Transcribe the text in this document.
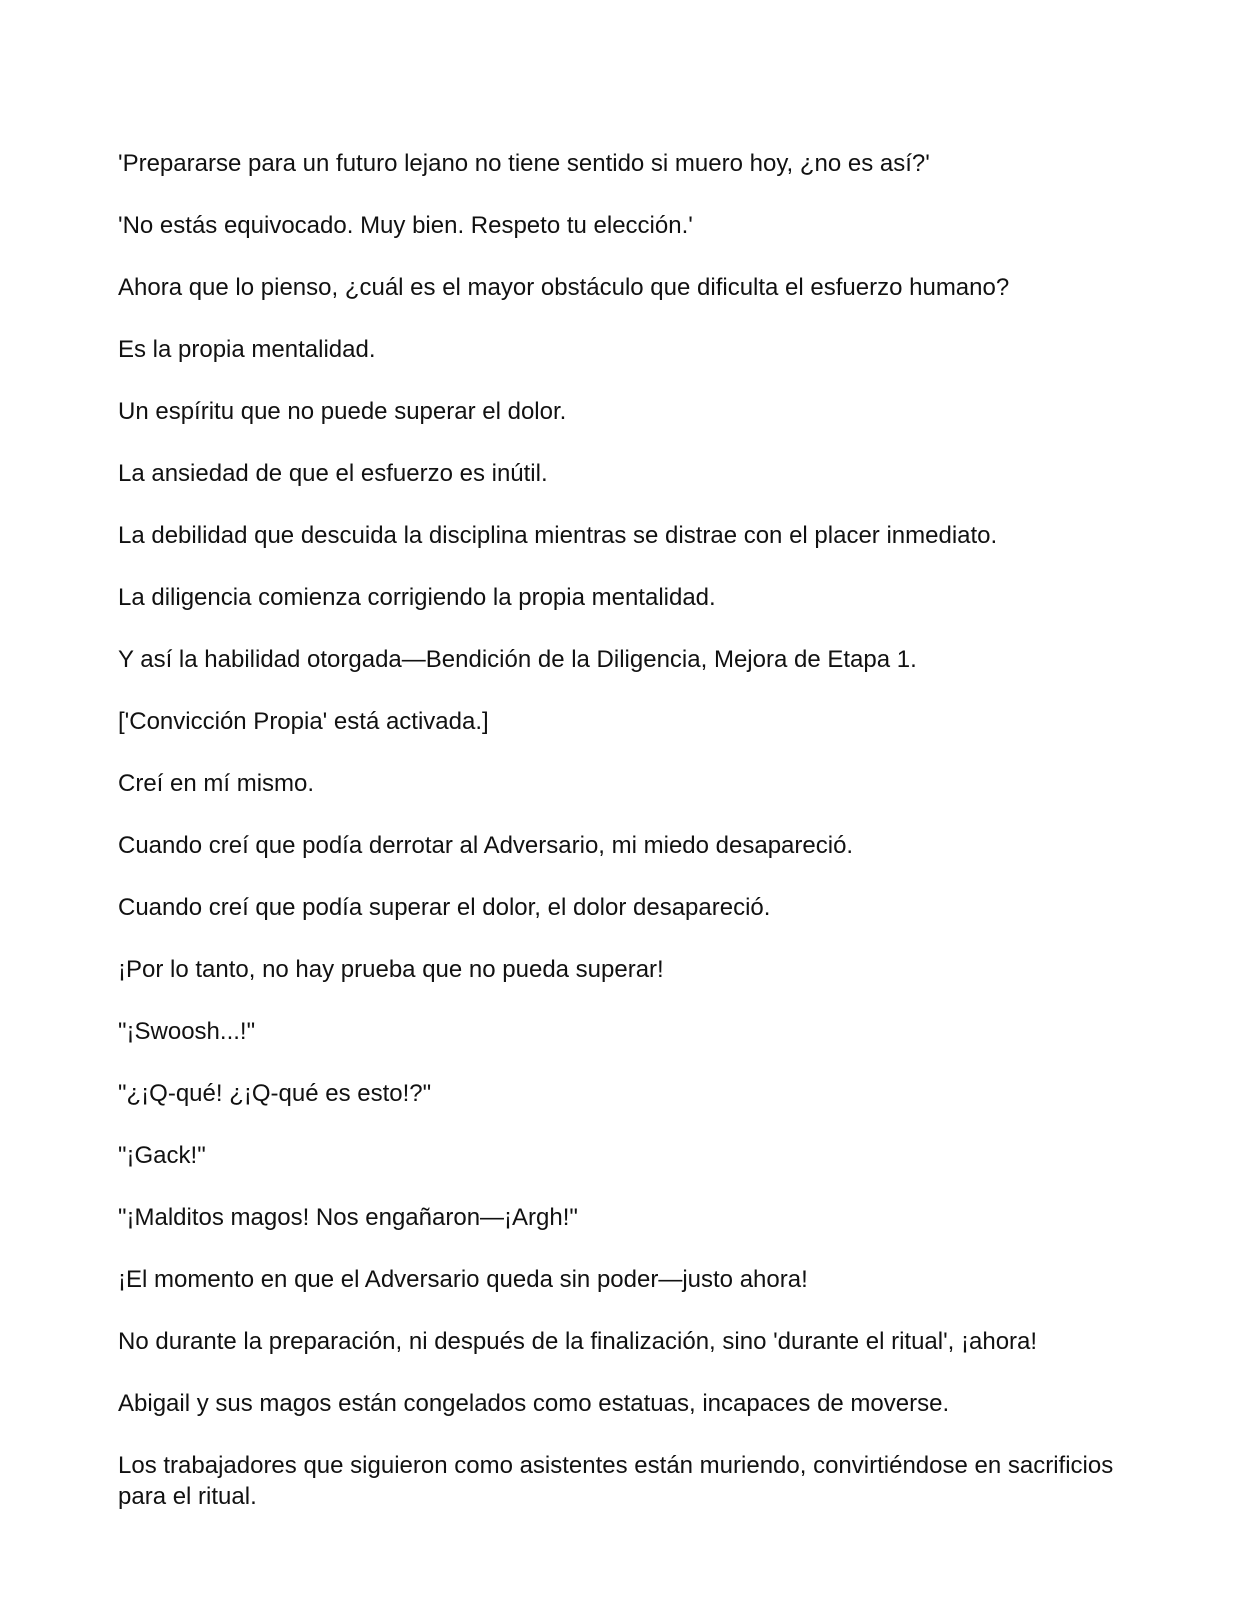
'Prepararse para un futuro lejano no tiene sentido si muero hoy, ¿no es así?'

'No estás equivocado. Muy bien. Respeto tu elección.'

Ahora que lo pienso, ¿cuál es el mayor obstáculo que dificulta el esfuerzo humano?

Es la propia mentalidad.

Un espíritu que no puede superar el dolor.

La ansiedad de que el esfuerzo es inútil.

La debilidad que descuida la disciplina mientras se distrae con el placer inmediato.

La diligencia comienza corrigiendo la propia mentalidad.

Y así la habilidad otorgada—Bendición de la Diligencia, Mejora de Etapa 1.

['Convicción Propia' está activada.]

Creí en mí mismo.

Cuando creí que podía derrotar al Adversario, mi miedo desapareció.

Cuando creí que podía superar el dolor, el dolor desapareció.

¡Por lo tanto, no hay prueba que no pueda superar!

"¡Swoosh...!"

"¿¡Q-qué! ¿¡Q-qué es esto!?"

"¡Gack!"

"¡Malditos magos! Nos engañaron—¡Argh!"

¡El momento en que el Adversario queda sin poder—justo ahora!

No durante la preparación, ni después de la finalización, sino 'durante el ritual', ¡ahora!

Abigail y sus magos están congelados como estatuas, incapaces de moverse.

Los trabajadores que siguieron como asistentes están muriendo, convirtiéndose en sacrificios para el ritual.
